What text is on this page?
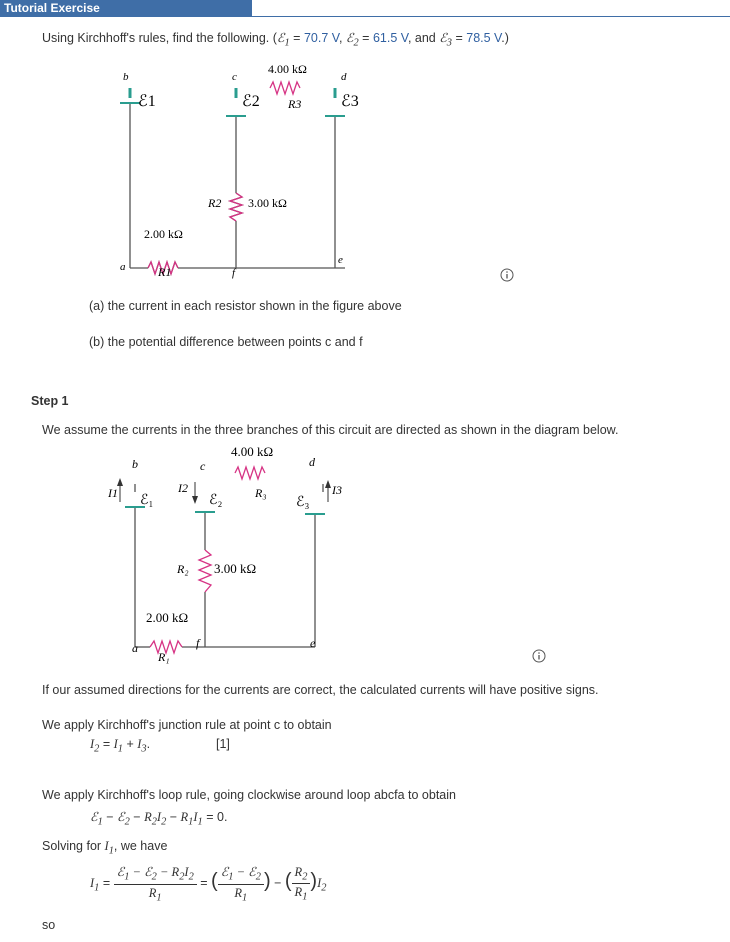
Tutorial Exercise
Using Kirchhoff's rules, find the following. (ℰ$_1$ = 70.7 V, ℰ$_2$ = 61.5 V, and ℰ$_3$ = 78.5 V.)
b	c	d
a	f
e
ℰ1	ℰ2	ℰ3
4.00 kΩ
R3
R2 3.00 kΩ
2.00 kΩ
R1
(a) the current in each resistor shown in the figure above
(b) the potential difference between points c and f
Step 1
We assume the currents in the three branches of this circuit are directed as shown in the diagram below.
b	c	d
a	f	e
ℰ₁	ℰ₂	ℰ₃
I1	I2	I3
4.00 kΩ
R₃
R₂ 3.00 kΩ
2.00 kΩ
R₁
If our assumed directions for the currents are correct, the calculated currents will have positive signs.
We apply Kirchhoff's junction rule at point c to obtain
$I_2 = I_1 + I_3$.	[1]
We apply Kirchhoff's loop rule, going clockwise around loop abcfa to obtain
ℰ$_1$ − ℰ$_2$ − $R_2I_2 - R_1I_1 = 0$.
Solving for $I_1$, we have
$I_1 = \frac{ℰ_1 - ℰ_2 - R_2I_2}{R_1}$ = ( $\frac{ℰ_1 - ℰ_2}{R_1}$ ) − ( $\frac{R_2}{R_1} )I_2$
so
